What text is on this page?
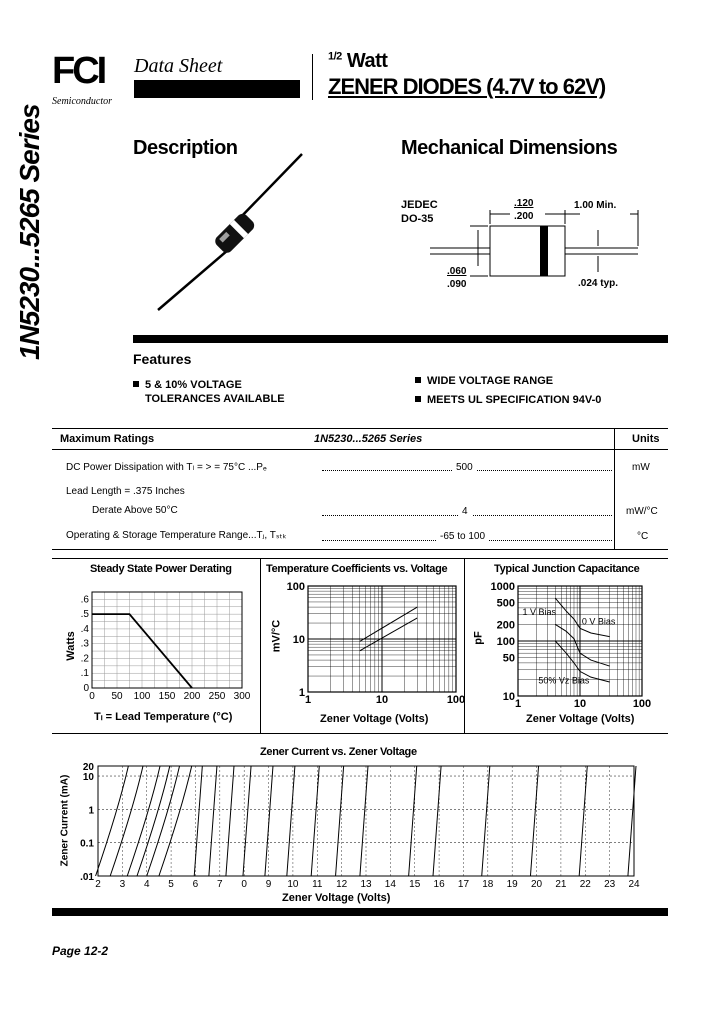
FCI
Semiconductor
Data Sheet	$^{1/2}$ Watt
ZENER DIODES (4.7V to 62V)
1N5230...5265 Series	Description	Mechanical Dimensions
JEDEC
DO-35
.120
.200
1.00 Min.
.060
.090	.024 typ.
Features
5 & 10% VOLTAGE
TOLERANCES AVAILABLE
WIDE VOLTAGE RANGE
MEETS UL SPECIFICATION 94V-0
Maximum Ratings	1N5230...5265 Series	Units
DC Power Dissipation with Tₗ = > = 75°C ...Pₑ	500	mW
Lead Length = .375 Inches
Derate Above 50°C	4	mW/°C
Operating & Storage Temperature Range...Tⱼ, Tₛₜₖ	-65 to 100	°C
Steady State Power Derating
Watts
Tₗ = Lead Temperature (°C)
0 50 100 150 200 250 300
0
.1
.2
.3
.4
.5
.6
Temperature Coefficients vs. Voltage
mV/°C
Zener Voltage (Volts)
1	10	100
1
10
100
Typical Junction Capacitance
pF
Zener Voltage (Volts)
1	10	100
10
50
100
200
500
1000
1 V Bias
0 V Bias
50% Vz Bias
Zener Current vs. Zener Voltage
Zener Current (mA)
Zener Voltage (Volts)
2 3 4 5 6 7 0 9 10 11 12 13 14 15 16 17 18 19 20 21 22 23 24
.01
0.1
1
10
20
Page 12-2
